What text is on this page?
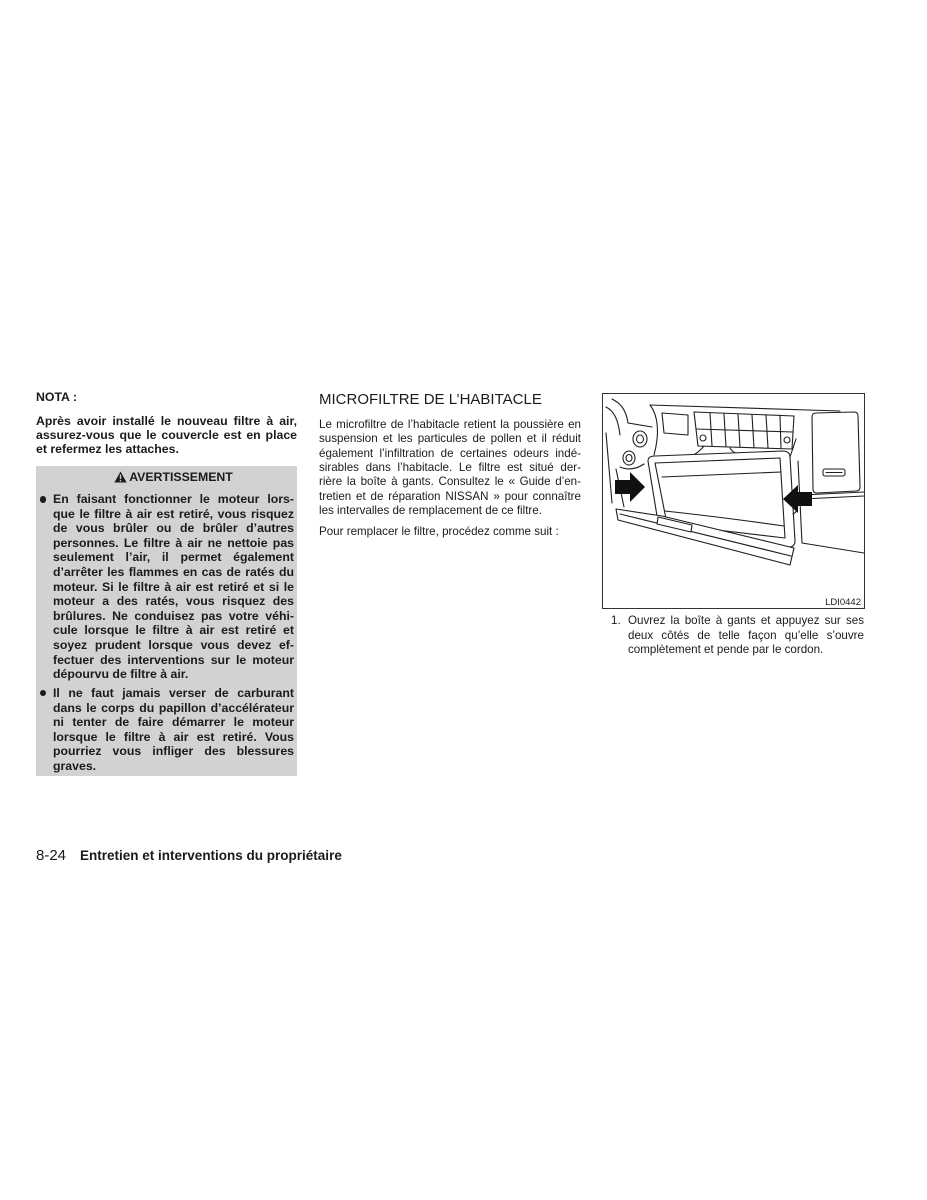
NOTA :
Après avoir installé le nouveau filtre à air,
assurez-vous que le couvercle est en place
et refermez les attaches.
AVERTISSEMENT
En faisant fonctionner le moteur lors-
que le filtre à air est retiré, vous risquez
de vous brûler ou de brûler d’autres
personnes. Le filtre à air ne nettoie pas
seulement l’air, il permet également
d’arrêter les flammes en cas de ratés du
moteur. Si le filtre à air est retiré et si le
moteur a des ratés, vous risquez des
brûlures. Ne conduisez pas votre véhi-
cule lorsque le filtre à air est retiré et
soyez prudent lorsque vous devez ef-
fectuer des interventions sur le moteur
dépourvu de filtre à air.
Il ne faut jamais verser de carburant
dans le corps du papillon d’accélérateur
ni tenter de faire démarrer le moteur
lorsque le filtre à air est retiré. Vous
pourriez vous infliger des blessures
graves.
MICROFILTRE DE L’HABITACLE
Le microfiltre de l’habitacle retient la poussière en
suspension et les particules de pollen et il réduit
également l’infiltration de certaines odeurs indé-
sirables dans l’habitacle. Le filtre est situé der-
rière la boîte à gants. Consultez le « Guide d’en-
tretien et de réparation NISSAN » pour connaître
les intervalles de remplacement de ce filtre.
Pour remplacer le filtre, procédez comme suit :
LDI0442
1. Ouvrez la boîte à gants et appuyez sur ses
deux côtés de telle façon qu’elle s’ouvre
complètement et pende par le cordon.
8-24 Entretien et interventions du propriétaire
